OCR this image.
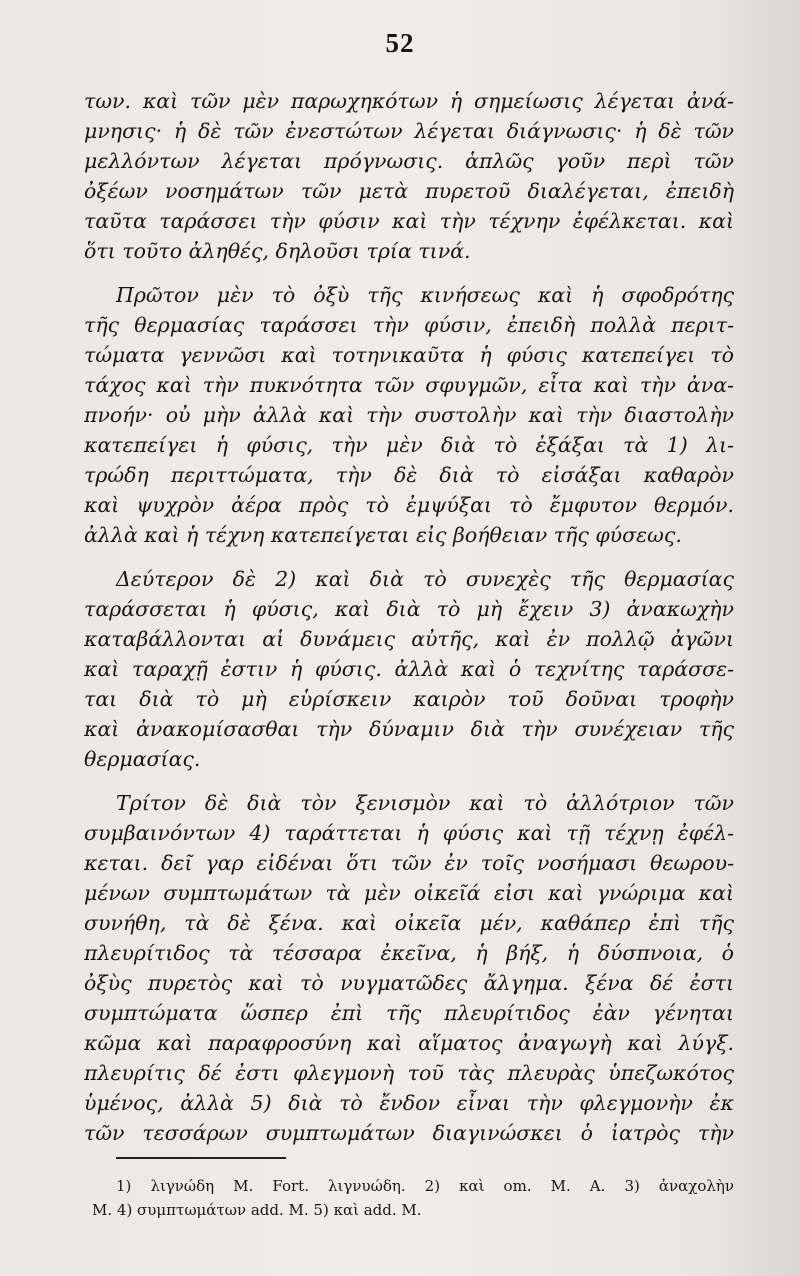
52
των. καὶ τῶν μὲν παρωχηκότων ἡ σημείωσις λέγεται ἀνά-
μνησις· ἡ δὲ τῶν ἐνεστώτων λέγεται διάγνωσις· ἡ δὲ τῶν
μελλόντων λέγεται πρόγνωσις. ἁπλῶς γοῦν περὶ τῶν
ὀξέων νοσημάτων τῶν μετὰ πυρετοῦ διαλέγεται, ἐπειδὴ
ταῦτα ταράσσει τὴν φύσιν καὶ τὴν τέχνην ἐφέλκεται. καὶ
ὅτι τοῦτο ἀληθές, δηλοῦσι τρία τινά.
Πρῶτον μὲν τὸ ὀξὺ τῆς κινήσεως καὶ ἡ σφοδρότης
τῆς θερμασίας ταράσσει τὴν φύσιν, ἐπειδὴ πολλὰ περιτ-
τώματα γεννῶσι καὶ τοτηνικαῦτα ἡ φύσις κατεπείγει τὸ
τάχος καὶ τὴν πυκνότητα τῶν σφυγμῶν, εἶτα καὶ τὴν ἀνα-
πνοήν· οὐ μὴν ἀλλὰ καὶ τὴν συστολὴν καὶ τὴν διαστολὴν
κατεπείγει ἡ φύσις, τὴν μὲν διὰ τὸ ἐξάξαι τὰ 1) λι-
τρώδη περιττώματα, τὴν δὲ διὰ τὸ εἰσάξαι καθαρὸν
καὶ ψυχρὸν ἀέρα πρὸς τὸ ἐμψύξαι τὸ ἔμφυτον θερμόν.
ἀλλὰ καὶ ἡ τέχνη κατεπείγεται εἰς βοήθειαν τῆς φύσεως.
Δεύτερον δὲ 2) καὶ διὰ τὸ συνεχὲς τῆς θερμασίας
ταράσσεται ἡ φύσις, καὶ διὰ τὸ μὴ ἔχειν 3) ἀνακωχὴν
καταβάλλονται αἱ δυνάμεις αὐτῆς, καὶ ἐν πολλῷ ἀγῶνι
καὶ ταραχῇ ἐστιν ἡ φύσις. ἀλλὰ καὶ ὁ τεχνίτης ταράσσε-
ται διὰ τὸ μὴ εὑρίσκειν καιρὸν τοῦ δοῦναι τροφὴν
καὶ ἀνακομίσασθαι τὴν δύναμιν διὰ τὴν συνέχειαν τῆς
θερμασίας.
Τρίτον δὲ διὰ τὸν ξενισμὸν καὶ τὸ ἀλλότριον τῶν
συμβαινόντων 4) ταράττεται ἡ φύσις καὶ τῇ τέχνῃ ἐφέλ-
κεται. δεῖ γαρ εἰδέναι ὅτι τῶν ἐν τοῖς νοσήμασι θεωρου-
μένων συμπτωμάτων τὰ μὲν οἰκεῖά εἰσι καὶ γνώριμα καὶ
συνήθη, τὰ δὲ ξένα. καὶ οἰκεῖα μέν, καθάπερ ἐπὶ τῆς
πλευρίτιδος τὰ τέσσαρα ἐκεῖνα, ἡ βήξ, ἡ δύσπνοια, ὁ
ὀξὺς πυρετὸς καὶ τὸ νυγματῶδες ἄλγημα. ξένα δέ ἐστι
συμπτώματα ὥσπερ ἐπὶ τῆς πλευρίτιδος ἐὰν γένηται
κῶμα καὶ παραφροσύνη καὶ αἵματος ἀναγωγὴ καὶ λύγξ.
πλευρίτις δέ ἐστι φλεγμονὴ τοῦ τὰς πλευρὰς ὑπεζωκότος
ὑμένος, ἀλλὰ 5) διὰ τὸ ἔνδον εἶναι τὴν φλεγμονὴν ἐκ
τῶν τεσσάρων συμπτωμάτων διαγινώσκει ὁ ἰατρὸς τὴν
1) λιγνώδη M. Fort. λιγνυώδη. 2) καὶ om. M. A. 3) ἀναχολὴν
M. 4) συμπτωμάτων add. M. 5) καὶ add. M.
